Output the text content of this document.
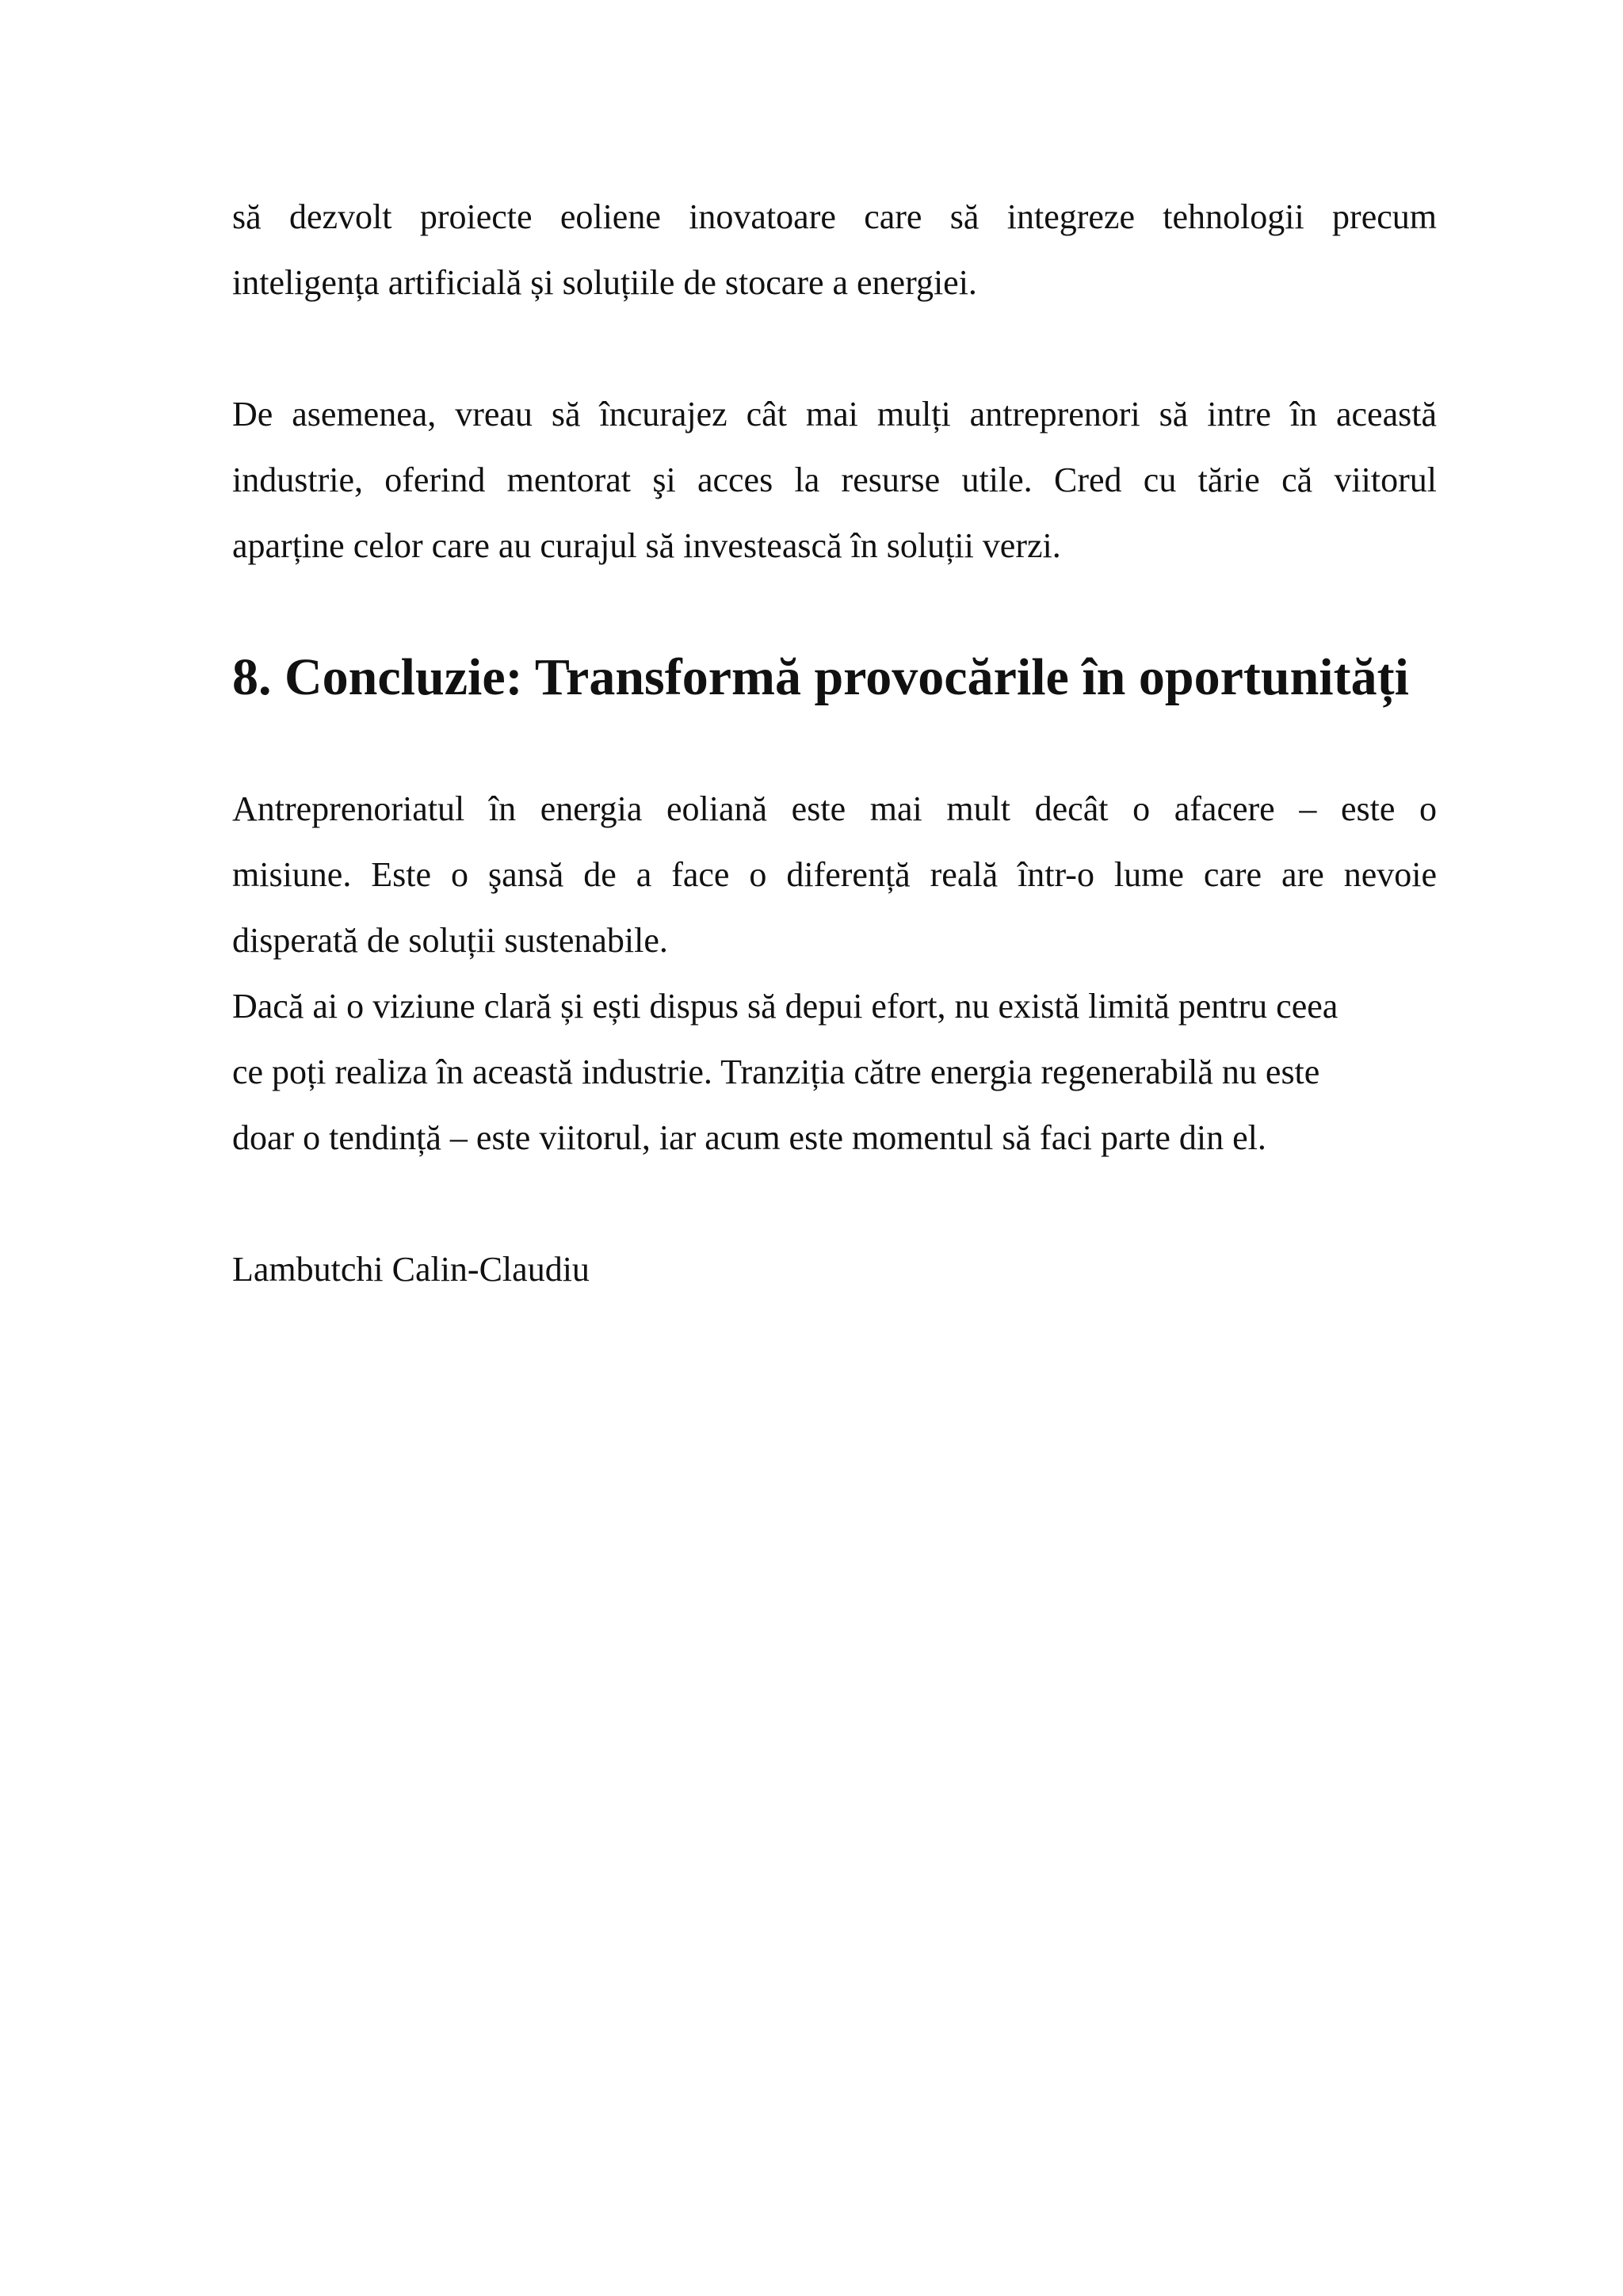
să dezvolt proiecte eoliene inovatoare care să integreze tehnologii precum
inteligența artificială și soluțiile de stocare a energiei.

De asemenea, vreau să încurajez cât mai mulți antreprenori să intre în această
industrie, oferind mentorat şi acces la resurse utile. Cred cu tărie că viitorul
aparține celor care au curajul să investească în soluții verzi.

8. Concluzie: Transformă provocările în oportunități

Antreprenoriatul în energia eoliană este mai mult decât o afacere – este o
misiune. Este o şansă de a face o diferență reală într-o lume care are nevoie
disperată de soluții sustenabile.

Dacă ai o viziune clară și ești dispus să depui efort, nu există limită pentru ceea
ce poți realiza în această industrie. Tranziția către energia regenerabilă nu este
doar o tendință – este viitorul, iar acum este momentul să faci parte din el.

Lambutchi Calin-Claudiu
